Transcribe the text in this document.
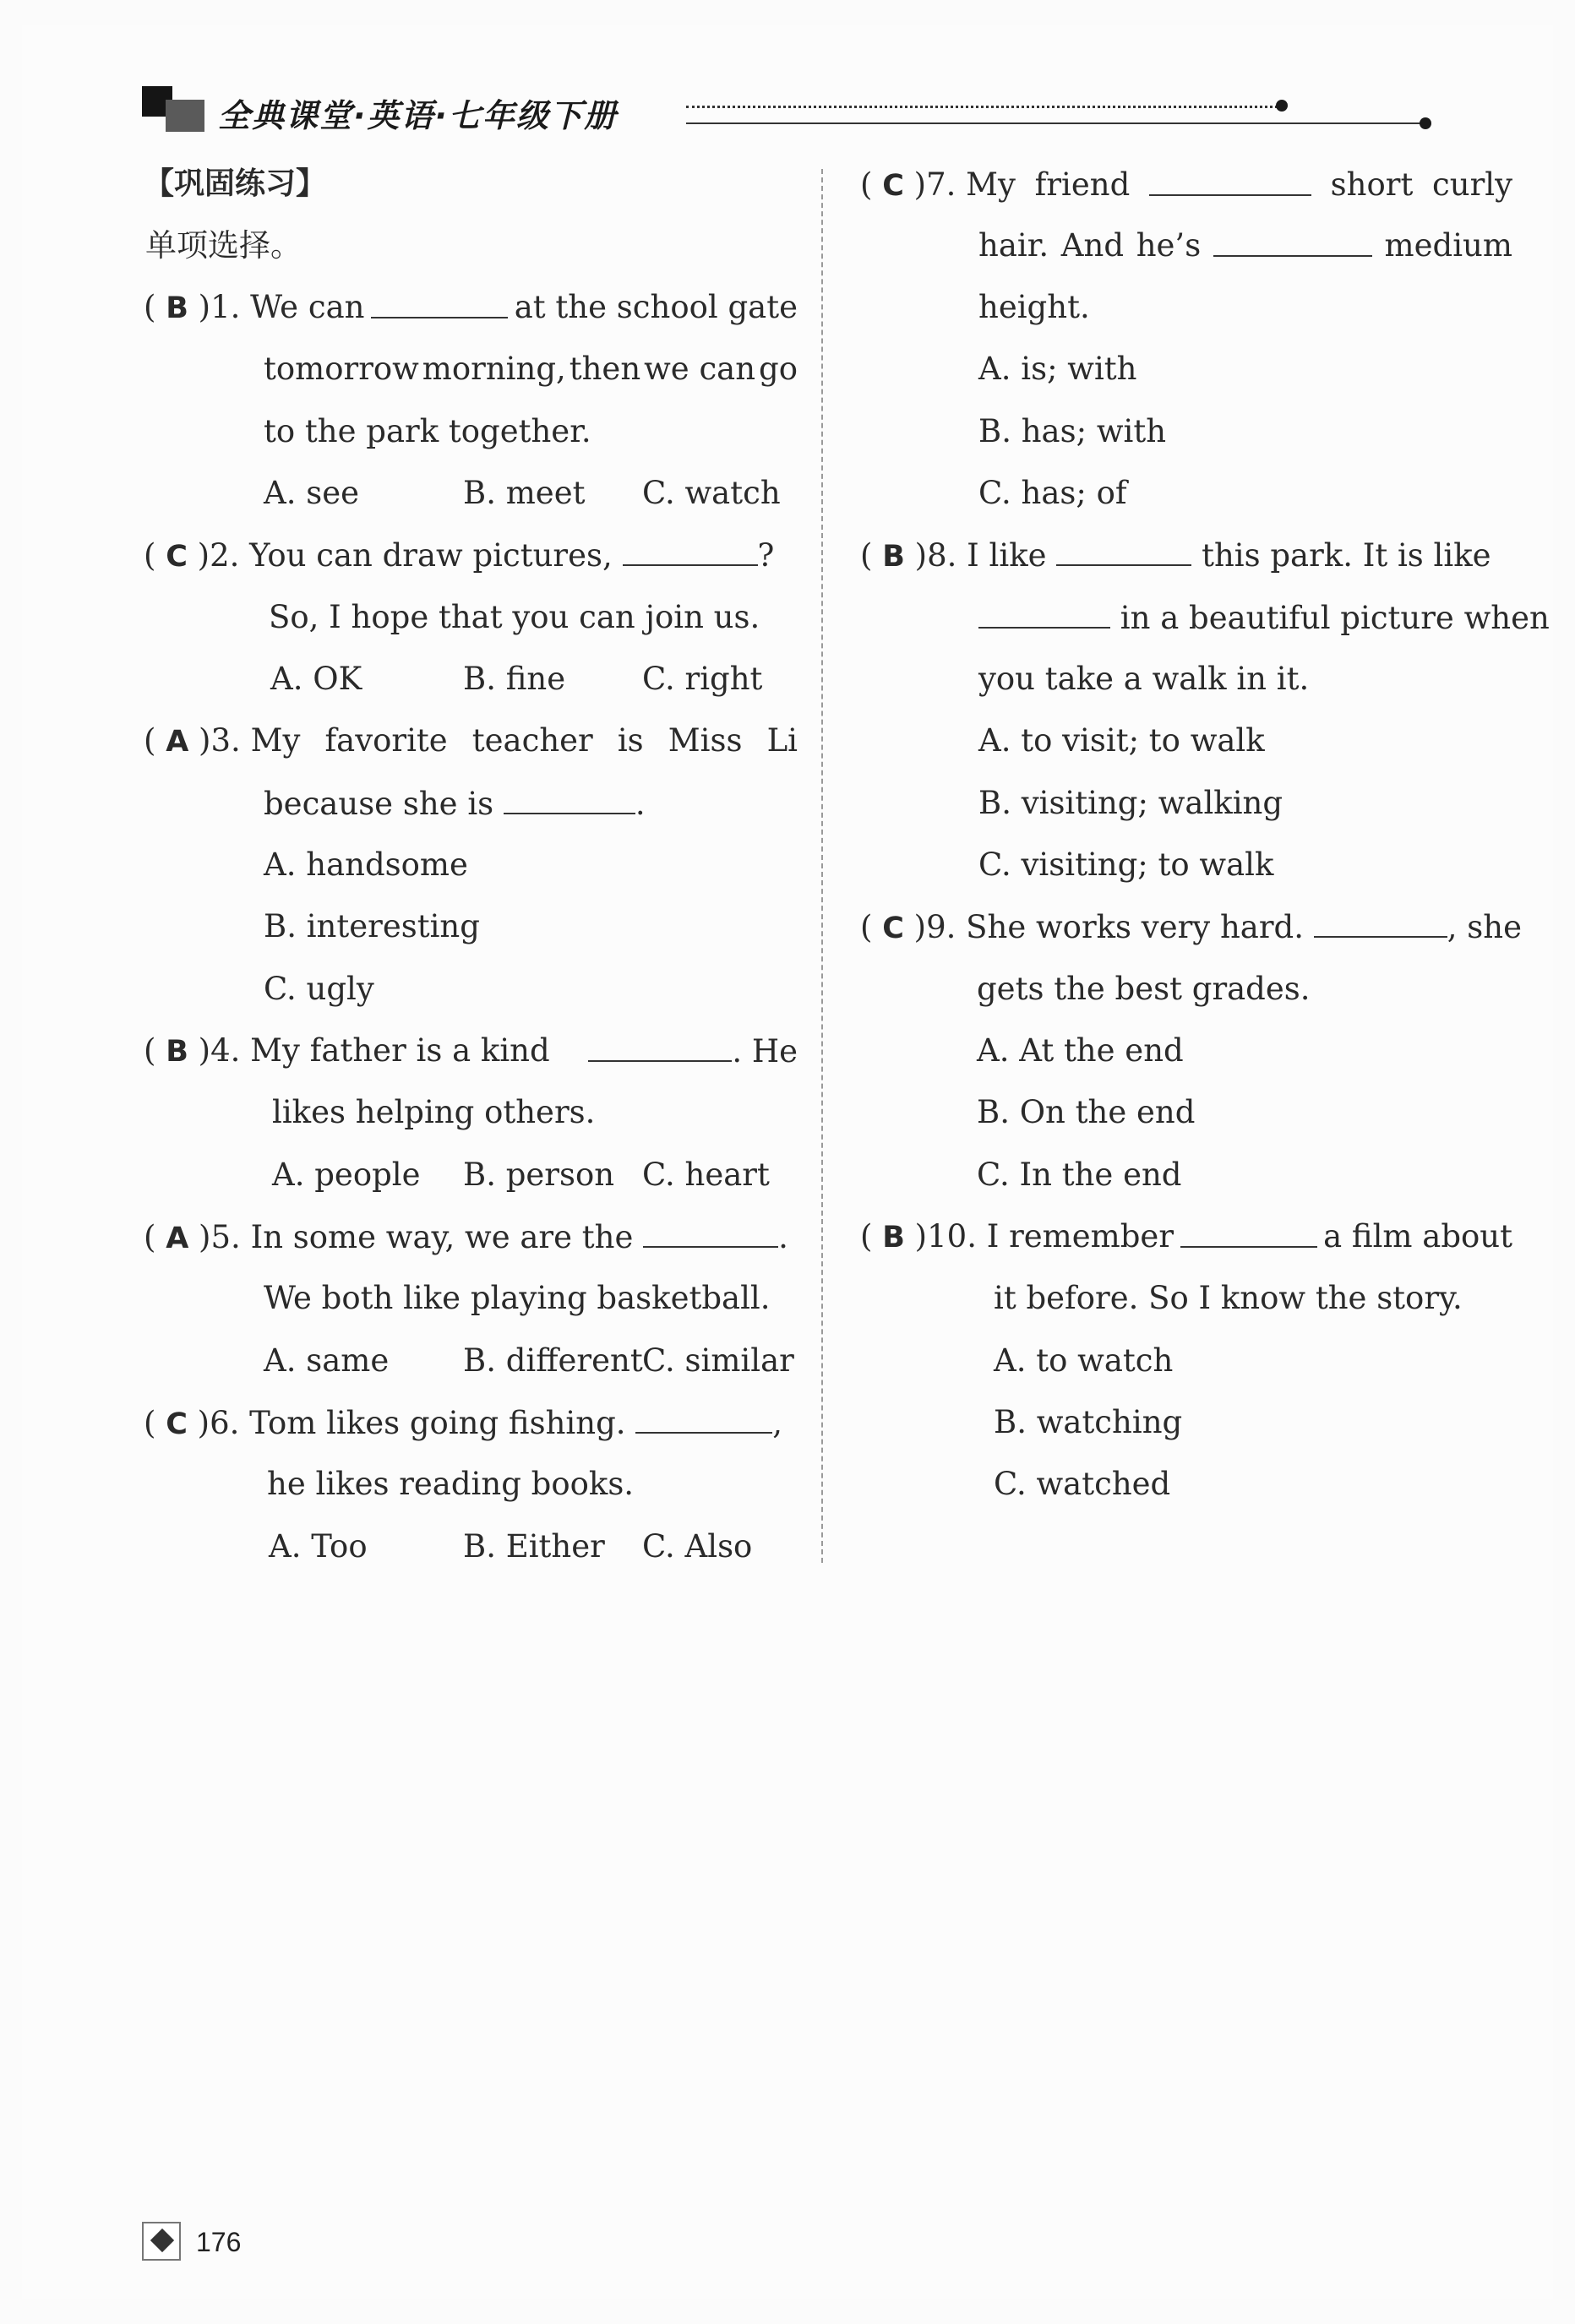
全典课堂·英语·七年级下册
【巩固练习】
单项选择。
( B )1. We can	at the school gate
tomorrow morning, then we can go
to the park together.
A. see	B. meet C. watch
( C )2. You can draw pictures,	?
So, I hope that you can join us.
A. OK	B. fine C. right
( A )3. My favorite teacher is Miss Li
because she is	.
A. handsome
B. interesting
C. ugly
( B )4. My father is a kind	. He
likes helping others.
A. people B. person C. heart
( A )5. In some way, we are the	.
We both like playing basketball.
A. same B. different C. similar
( C )6. Tom likes going fishing.	,
he likes reading books.
A. Too	B. Either C. Also
( C )7. My friend	short curly
hair. And he’s	medium
height.
A. is; with
B. has; with
C. has; of
( B )8. I like	this park. It is like
in a beautiful picture when
you take a walk in it.
A. to visit; to walk
B. visiting; walking
C. visiting; to walk
( C )9. She works very hard.	, she
gets the best grades.
A. At the end
B. On the end
C. In the end
( B )10. I remember	a film about
it before. So I know the story.
A. to watch
B. watching
C. watched
176
